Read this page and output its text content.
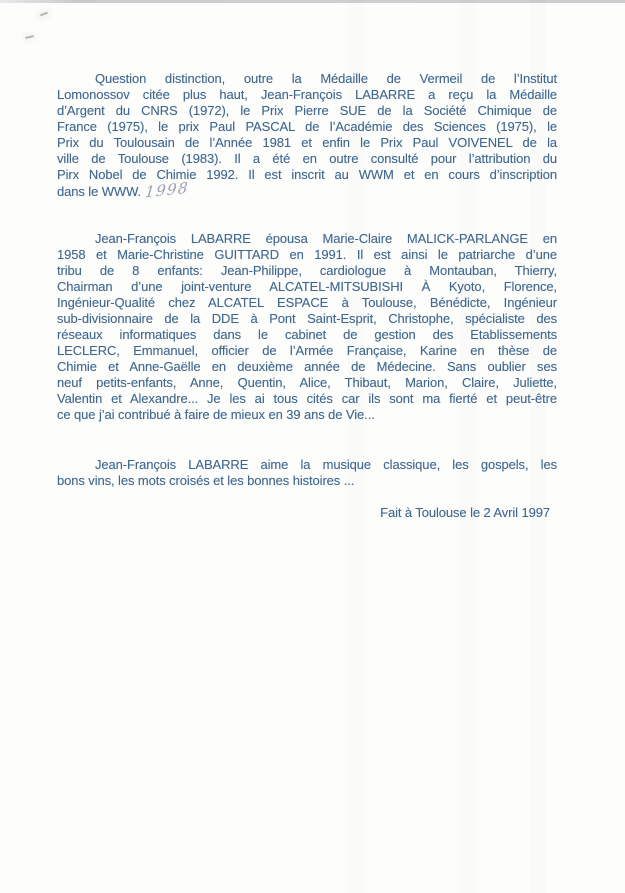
Question distinction, outre la Médaille de Vermeil de l’Institut
Lomonossov citée plus haut, Jean-François LABARRE a reçu la Médaille
d’Argent du CNRS (1972), le Prix Pierre SUE de la Société Chimique de
France (1975), le prix Paul PASCAL de l’Académie des Sciences (1975), le
Prix du Toulousain de l’Année 1981 et enfin le Prix Paul VOIVENEL de la
ville de Toulouse (1983). Il a été en outre consulté pour l’attribution du
Pirx Nobel de Chimie 1992. Il est inscrit au WWM et en cours d’inscription
dans le WWW. 1998
Jean-François LABARRE épousa Marie-Claire MALICK-PARLANGE en
1958 et Marie-Christine GUITTARD en 1991. Il est ainsi le patriarche d’une
tribu de 8 enfants: Jean-Philippe, cardiologue à Montauban, Thierry,
Chairman d’une joint-venture ALCATEL-MITSUBISHI À Kyoto, Florence,
Ingénieur-Qualité chez ALCATEL ESPACE à Toulouse, Bénédicte, Ingénieur
sub-divisionnaire de la DDE à Pont Saint-Esprit, Christophe, spécialiste des
réseaux informatiques dans le cabinet de gestion des Etablissements
LECLERC, Emmanuel, officier de l’Armée Française, Karine en thèse de
Chimie et Anne-Gaëlle en deuxième année de Médecine. Sans oublier ses
neuf petits-enfants, Anne, Quentin, Alice, Thibaut, Marion, Claire, Juliette,
Valentin et Alexandre... Je les ai tous cités car ils sont ma fierté et peut-être
ce que j’ai contribué à faire de mieux en 39 ans de Vie...
Jean-François LABARRE aime la musique classique, les gospels, les
bons vins, les mots croisés et les bonnes histoires ...
Fait à Toulouse le 2 Avril 1997
